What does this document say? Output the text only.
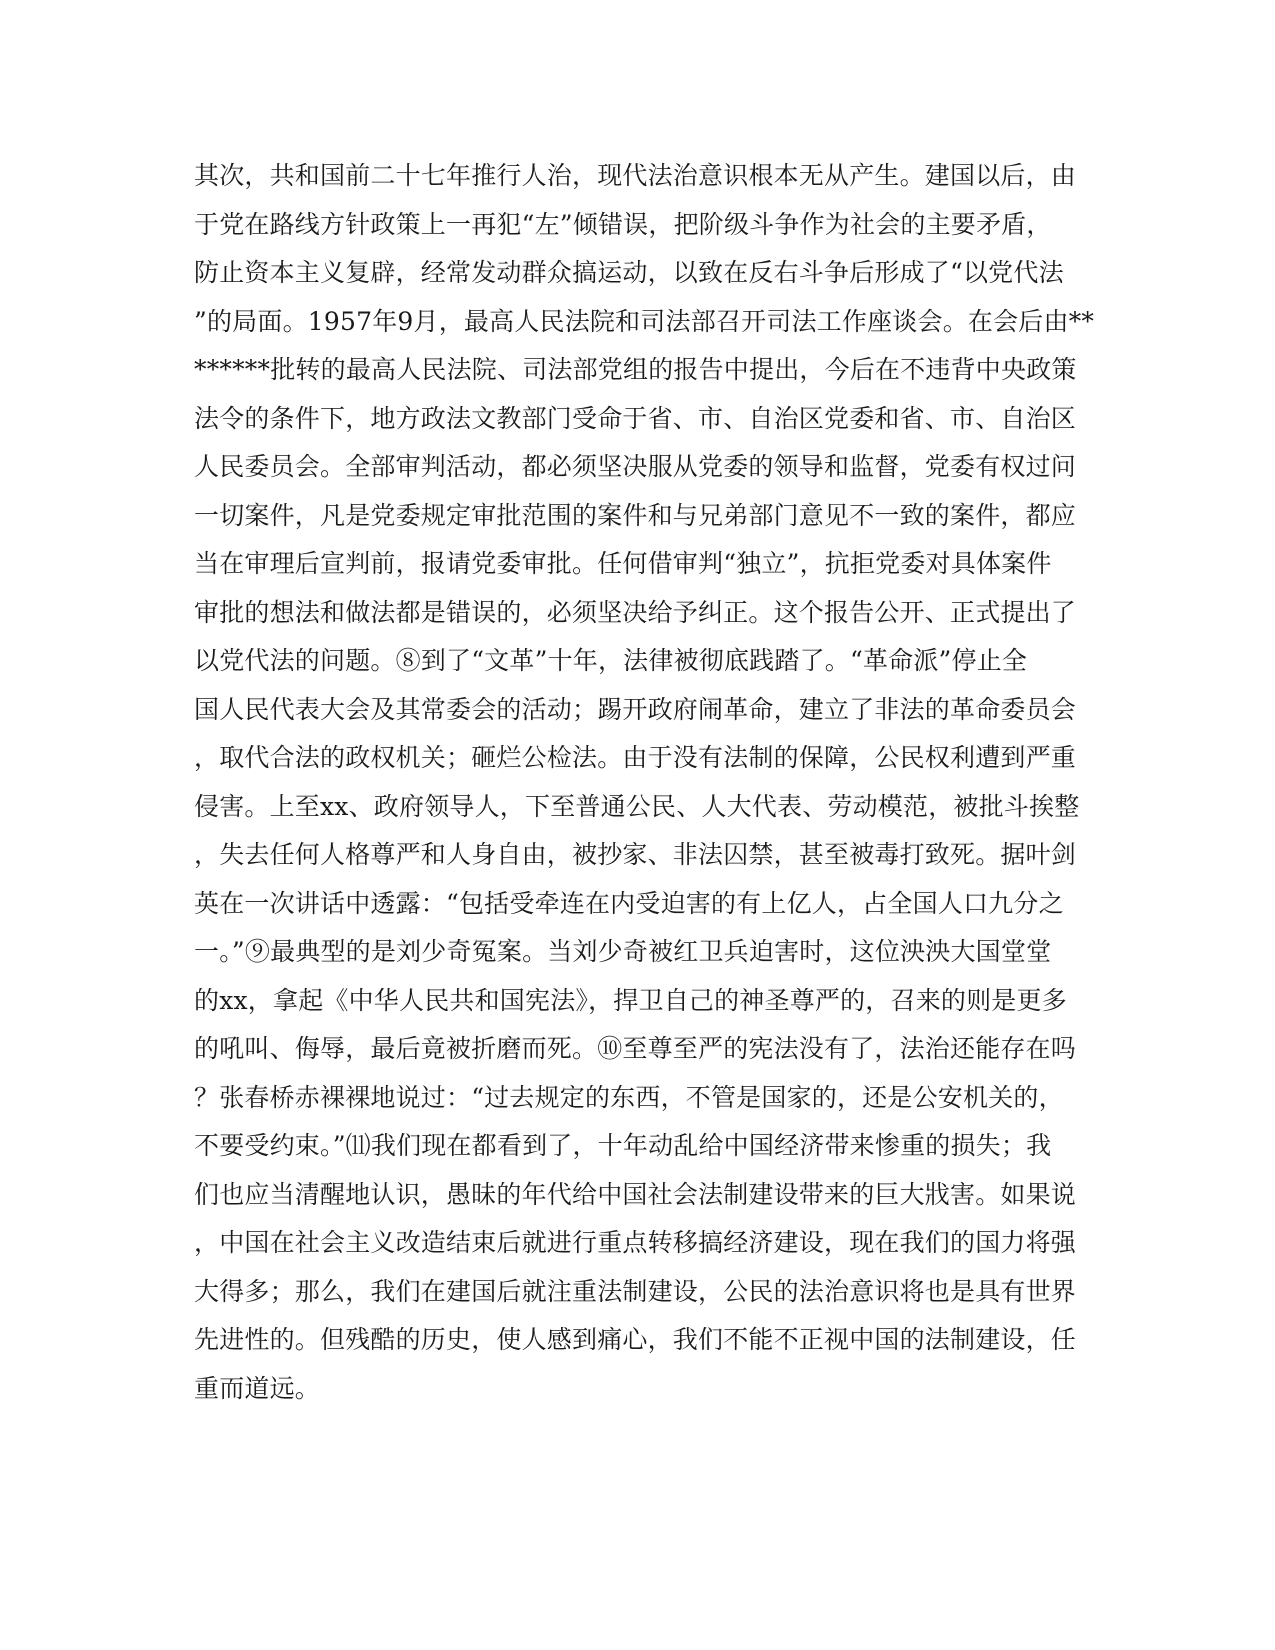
其次，共和国前二十七年推行人治，现代法治意识根本无从产生。建国以后，由
于党在路线方针政策上一再犯“左”倾错误，把阶级斗争作为社会的主要矛盾，
防止资本主义复辟，经常发动群众搞运动，以致在反右斗争后形成了“以党代法
”的局面。1957年9月，最高人民法院和司法部召开司法工作座谈会。在会后由**
******批转的最高人民法院、司法部党组的报告中提出，今后在不违背中央政策
法令的条件下，地方政法文教部门受命于省、市、自治区党委和省、市、自治区
人民委员会。全部审判活动，都必须坚决服从党委的领导和监督，党委有权过问
一切案件，凡是党委规定审批范围的案件和与兄弟部门意见不一致的案件，都应
当在审理后宣判前，报请党委审批。任何借审判“独立”，抗拒党委对具体案件
审批的想法和做法都是错误的，必须坚决给予纠正。这个报告公开、正式提出了
以党代法的问题。⑧到了“文革”十年，法律被彻底践踏了。“革命派”停止全
国人民代表大会及其常委会的活动；踢开政府闹革命，建立了非法的革命委员会
，取代合法的政权机关；砸烂公检法。由于没有法制的保障，公民权利遭到严重
侵害。上至xx、政府领导人，下至普通公民、人大代表、劳动模范，被批斗挨整
，失去任何人格尊严和人身自由，被抄家、非法囚禁，甚至被毒打致死。据叶剑
英在一次讲话中透露：“包括受牵连在内受迫害的有上亿人，占全国人口九分之
一。”⑨最典型的是刘少奇冤案。当刘少奇被红卫兵迫害时，这位泱泱大国堂堂
的xx，拿起《中华人民共和国宪法》，捍卫自己的神圣尊严的，召来的则是更多
的吼叫、侮辱，最后竟被折磨而死。⑩至尊至严的宪法没有了，法治还能存在吗
？张春桥赤裸裸地说过：“过去规定的东西，不管是国家的，还是公安机关的，
不要受约束。”⑾我们现在都看到了，十年动乱给中国经济带来惨重的损失；我
们也应当清醒地认识，愚昧的年代给中国社会法制建设带来的巨大戕害。如果说
，中国在社会主义改造结束后就进行重点转移搞经济建设，现在我们的国力将强
大得多；那么，我们在建国后就注重法制建设，公民的法治意识将也是具有世界
先进性的。但残酷的历史，使人感到痛心，我们不能不正视中国的法制建设，任
重而道远。
